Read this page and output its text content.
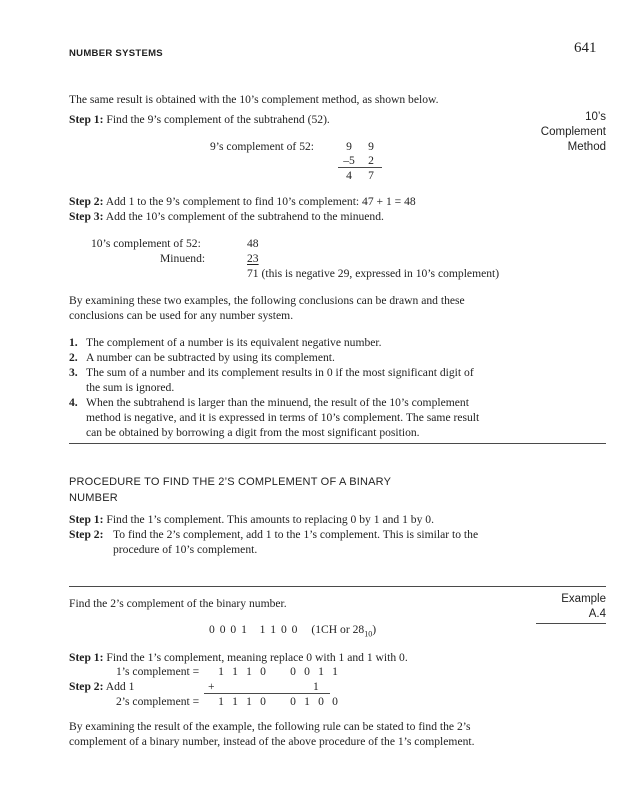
NUMBER SYSTEMS	641
The same result is obtained with the 10’s complement method, as shown below.
Step 1: Find the 9’s complement of the subtrahend (52).	10’s
Complement
Method
9’s complement of 52:	9 9
–5 2
4 7
Step 2: Add 1 to the 9’s complement to find 10’s complement: 47 + 1 = 48
Step 3: Add the 10’s complement of the subtrahend to the minuend.
10’s complement of 52:	48
Minuend:	23
71 (this is negative 29, expressed in 10’s complement)
By examining these two examples, the following conclusions can be drawn and these
conclusions can be used for any number system.
1. The complement of a number is its equivalent negative number.
2. A number can be subtracted by using its complement.
3. The sum of a number and its complement results in 0 if the most significant digit of
the sum is ignored.
4. When the subtrahend is larger than the minuend, the result of the 10’s complement
method is negative, and it is expressed in terms of 10’s complement. The same result
can be obtained by borrowing a digit from the most significant position.
PROCEDURE TO FIND THE 2’S COMPLEMENT OF A BINARY
NUMBER
Step 1: Find the 1’s complement. This amounts to replacing 0 by 1 and 1 by 0.
Step 2: To find the 2’s complement, add 1 to the 1’s complement. This is similar to the
procedure of 10’s complement.
Example
A.4
Find the 2’s complement of the binary number.
0 0 0 1   1 1 0 0 (1CH or $28_{10}$)
Step 1: Find the 1’s complement, meaning replace 0 with 1 and 1 with 0.
1’s complement =	1 1 1 0 0 0 1 1
Step 2: Add 1	+	1
2’s complement =	1 1 1 0 0 1 0 0
By examining the result of the example, the following rule can be stated to find the 2’s
complement of a binary number, instead of the above procedure of the 1’s complement.
